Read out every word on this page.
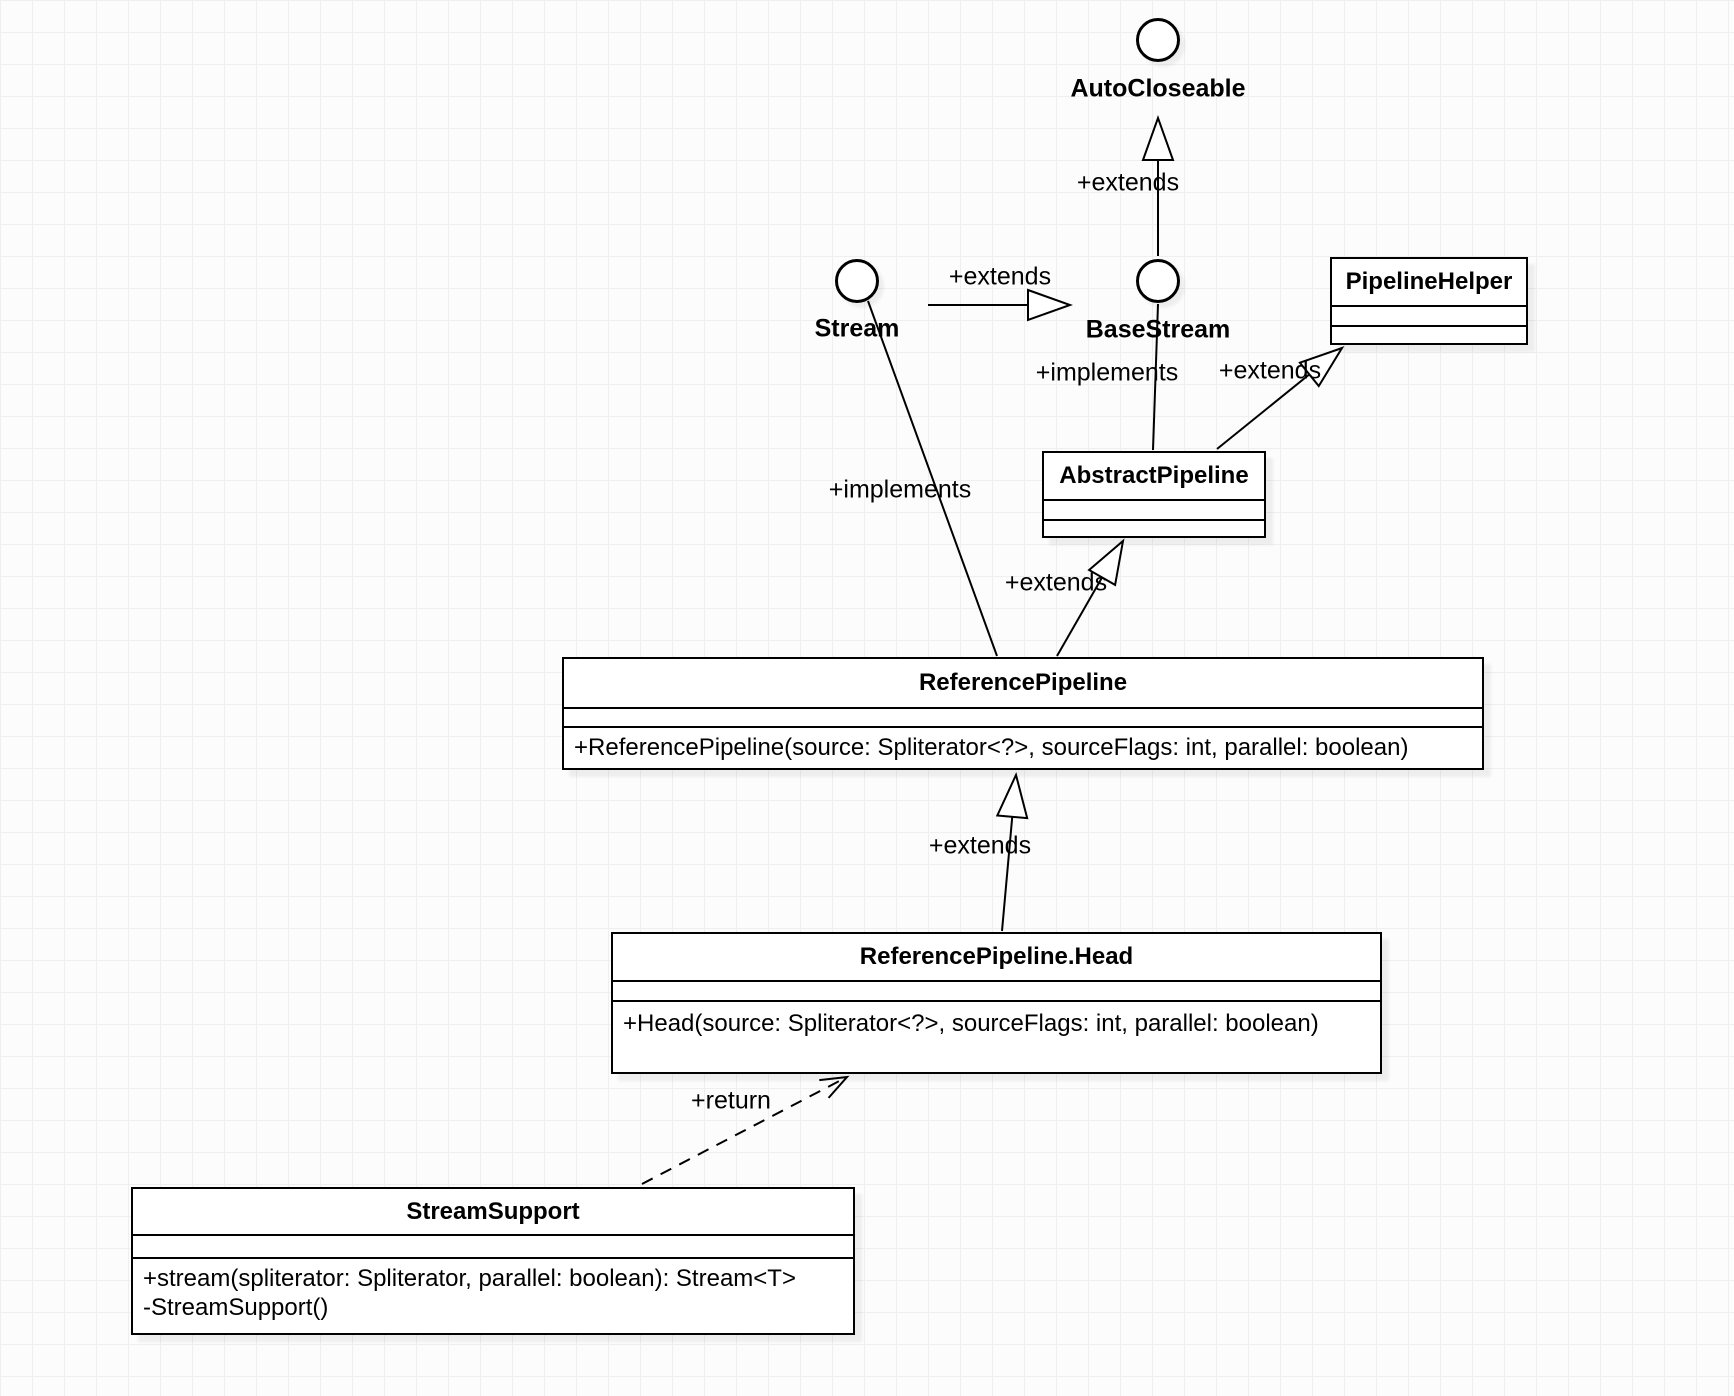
AutoCloseable
Stream	BaseStream
PipelineHelper
AbstractPipeline
ReferencePipeline
+ReferencePipeline(source: Spliterator<?>, sourceFlags: int, parallel: boolean)
ReferencePipeline.Head
+Head(source: Spliterator<?>, sourceFlags: int, parallel: boolean)
StreamSupport
+stream(spliterator: Spliterator, parallel: boolean): Stream<T>
-StreamSupport()
+extends
+extends
+implements
+implements +extends
+extends
+extends
+return
